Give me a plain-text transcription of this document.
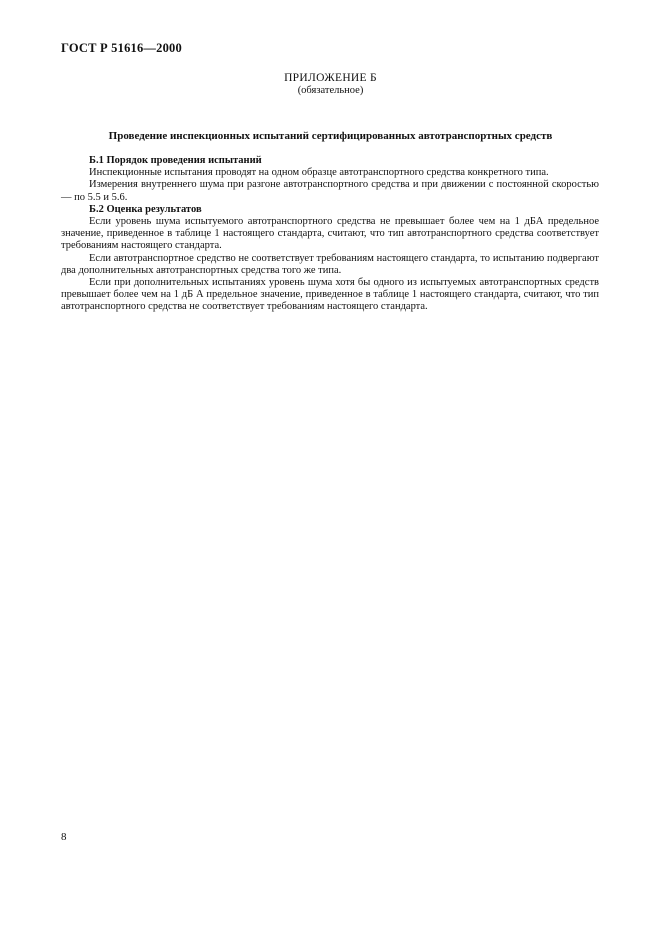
ГОСТ Р 51616—2000
ПРИЛОЖЕНИЕ Б
(обязательное)
Проведение инспекционных испытаний сертифицированных автотранспортных средств

Б.1 Порядок проведения испытаний

Инспекционные испытания проводят на одном образце автотранспортного средства конкретного типа.

Измерения внутреннего шума при разгоне автотранспортного средства и при движении с постоянной скоростью — по 5.5 и 5.6.

Б.2 Оценка результатов

Если уровень шума испытуемого автотранспортного средства не превышает более чем на 1 дБА предельное значение, приведенное в таблице 1 настоящего стандарта, считают, что тип автотранспортного средства соответствует требованиям настоящего стандарта.

Если автотранспортное средство не соответствует требованиям настоящего стандарта, то испытанию подвергают два дополнительных автотранспортных средства того же типа.

Если при дополнительных испытаниях уровень шума хотя бы одного из испытуемых автотранспортных средств превышает более чем на 1 дБ А предельное значение, приведенное в таблице 1 настоящего стандарта, считают, что тип автотранспортного средства не соответствует требованиям настоящего стандарта.

8
